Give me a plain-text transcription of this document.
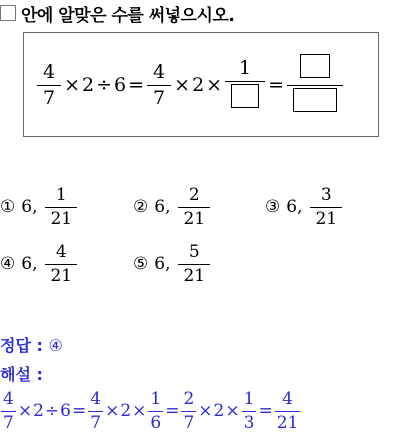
안에 알맞은 수를 써넣으시오.
$\frac{4}{7} \times 2 \div 6 = \frac{4}{7} \times 2$ ×
1
=
① 6, $\frac{1}{21}$	② 6, $\frac{2}{21}$	③ 6, $\frac{3}{21}$
④ 6, $\frac{4}{21}$	⑤ 6, $\frac{5}{21}$
정답 : ④
해설 :
$\frac{4}{7} \times 2 \div 6 = \frac{4}{7} \times 2 \times \frac{1}{6} = \frac{2}{7} \times 2 \times \frac{1}{3} = \frac{4}{21}$
